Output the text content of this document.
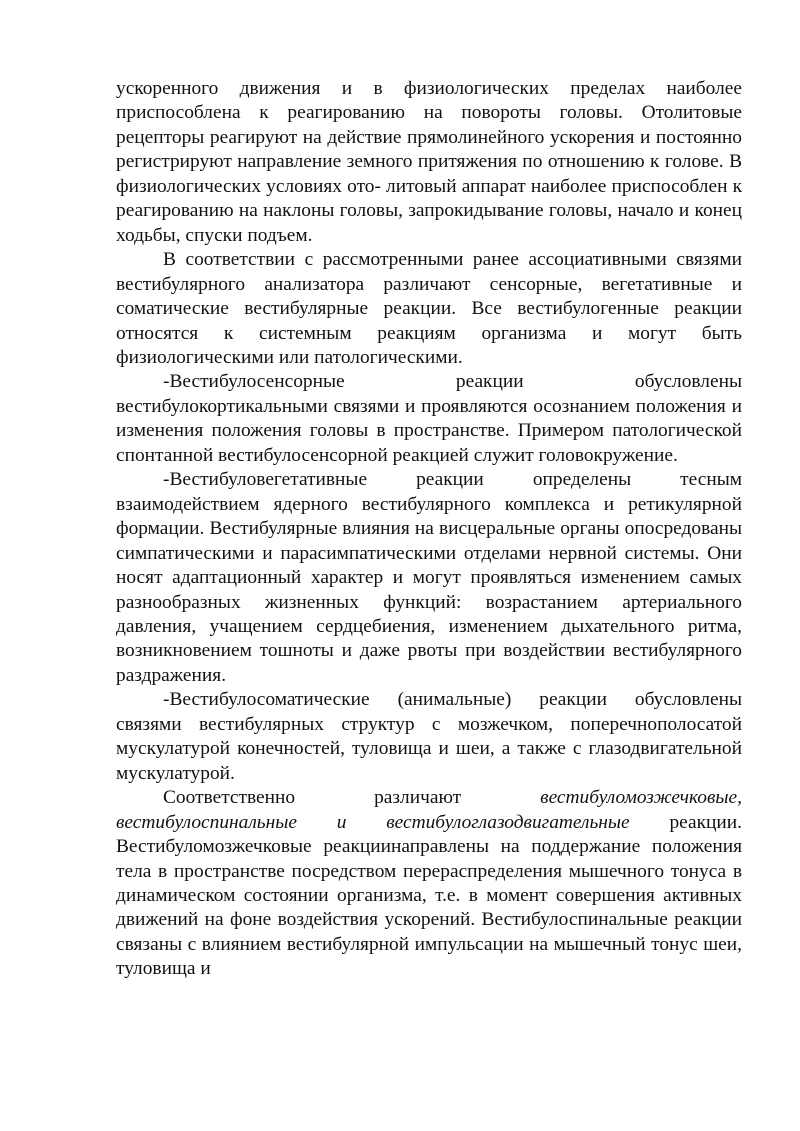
ускоренного движения и в физиологических пределах наиболее приспособлена к реагированию на повороты головы. Отолитовые рецепторы реагируют на действие прямолинейного ускорения и постоянно регистрируют направление земного притяжения по отношению к голове. В физиологических условиях ото- литовый аппарат наиболее приспособлен к реагированию на наклоны головы, запрокидывание головы, начало и конец ходьбы, спуски подъем.

В соответствии с рассмотренными ранее ассоциативными связями вестибулярного анализатора различают сенсорные, вегетативные и соматические вестибулярные реакции. Все вестибулогенные реакции относятся к системным реакциям организма и могут быть физиологическими или патологическими.

-Вестибулосенсорные реакции обусловлены вестибулокортикальными связями и проявляются осознанием положения и изменения положения головы в пространстве. Примером патологической спонтанной вестибулосенсорной реакцией служит головокружение.

-Вестибуловегетативные реакции определены тесным взаимодействием ядерного вестибулярного комплекса и ретикулярной формации. Вестибулярные влияния на висцеральные органы опосредованы симпатическими и парасимпатическими отделами нервной системы. Они носят адаптационный характер и могут проявляться изменением самых разнообразных жизненных функций: возрастанием артериального давления, учащением сердцебиения, изменением дыхательного ритма, возникновением тошноты и даже рвоты при воздействии вестибулярного раздражения.

-Вестибулосоматические (анимальные) реакции обусловлены связями вестибулярных структур с мозжечком, поперечнополосатой мускулатурой конечностей, туловища и шеи, а также с глазодвигательной мускулатурой.

Соответственно различают вестибуломозжечковые, вестибулоспинальные и вестибулоглазодвигательные реакции. Вестибуломозжечковые реакциинаправлены на поддержание положения тела в пространстве посредством перераспределения мышечного тонуса в динамическом состоянии организма, т.е. в момент совершения активных движений на фоне воздействия ускорений. Вестибулоспинальные реакции связаны с влиянием вестибулярной импульсации на мышечный тонус шеи, туловища и
